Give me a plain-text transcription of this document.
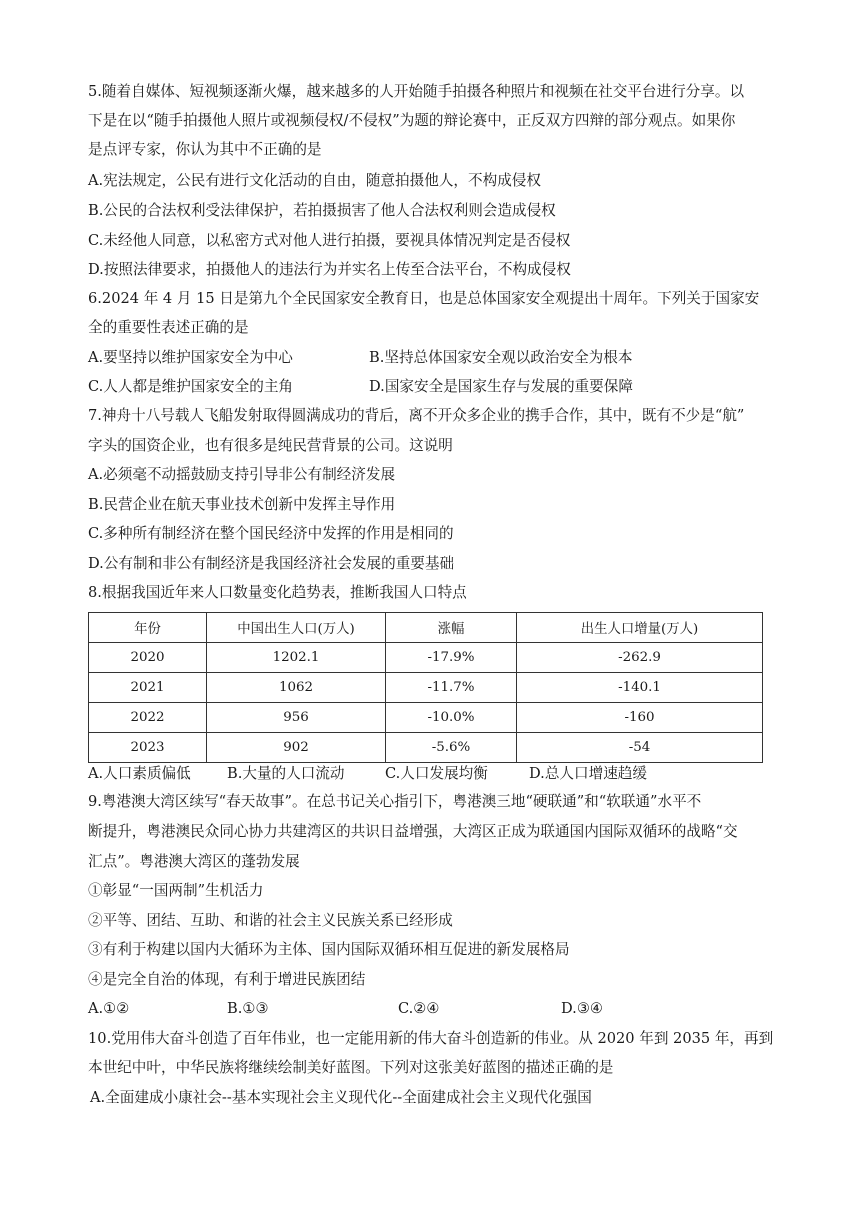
5.随着自媒体、短视频逐渐火爆，越来越多的人开始随手拍摄各种照片和视频在社交平台进行分享。以
下是在以“随手拍摄他人照片或视频侵权/不侵权”为题的辩论赛中，正反双方四辩的部分观点。如果你
是点评专家，你认为其中不正确的是
A.宪法规定，公民有进行文化活动的自由，随意拍摄他人，不构成侵权
B.公民的合法权利受法律保护，若拍摄损害了他人合法权利则会造成侵权
C.未经他人同意，以私密方式对他人进行拍摄，要视具体情况判定是否侵权
D.按照法律要求，拍摄他人的违法行为并实名上传至合法平台，不构成侵权
6.2024 年 4 月 15 日是第九个全民国家安全教育日，也是总体国家安全观提出十周年。下列关于国家安
全的重要性表述正确的是
A.要坚持以维护国家安全为中心	B.坚持总体国家安全观以政治安全为根本
C.人人都是维护国家安全的主角	D.国家安全是国家生存与发展的重要保障
7.神舟十八号载人飞船发射取得圆满成功的背后，离不开众多企业的携手合作，其中，既有不少是“航”
字头的国资企业，也有很多是纯民营背景的公司。这说明
A.必须毫不动摇鼓励支持引导非公有制经济发展
B.民营企业在航天事业技术创新中发挥主导作用
C.多种所有制经济在整个国民经济中发挥的作用是相同的
D.公有制和非公有制经济是我国经济社会发展的重要基础
8.根据我国近年来人口数量变化趋势表，推断我国人口特点
年份	中国出生人口(万人)	涨幅	出生人口增量(万人)
2020	1202.1	-17.9%	-262.9
2021	1062	-11.7%	-140.1
2022	956	-10.0%	-160
2023	902	-5.6%	-54
A.人口素质偏低 B.大量的人口流动	C.人口发展均衡	D.总人口增速趋缓
9.粤港澳大湾区续写“春天故事”。在总书记关心指引下，粤港澳三地“硬联通”和“软联通”水平不
断提升，粤港澳民众同心协力共建湾区的共识日益增强，大湾区正成为联通国内国际双循环的战略“交
汇点”。粤港澳大湾区的蓬勃发展
①彰显“一国两制”生机活力
②平等、团结、互助、和谐的社会主义民族关系已经形成
③有利于构建以国内大循环为主体、国内国际双循环相互促进的新发展格局
④是完全自治的体现，有利于增进民族团结
A.①②	B.①③	C.②④	D.③④
10.党用伟大奋斗创造了百年伟业，也一定能用新的伟大奋斗创造新的伟业。从 2020 年到 2035 年，再到
本世纪中叶，中华民族将继续绘制美好蓝图。下列对这张美好蓝图的描述正确的是
A.全面建成小康社会--基本实现社会主义现代化--全面建成社会主义现代化强国
